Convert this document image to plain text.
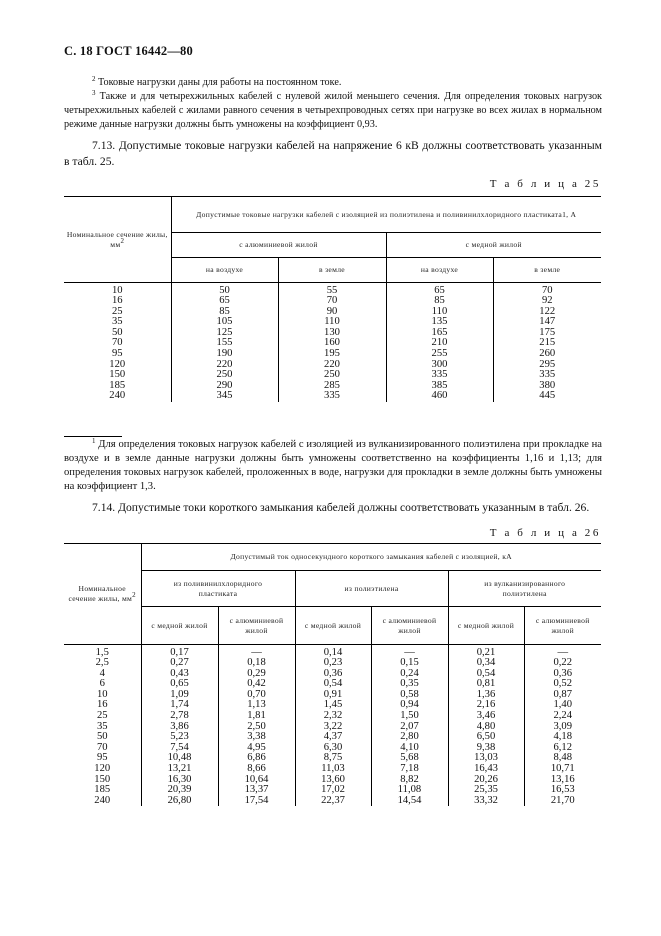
С. 18 ГОСТ 16442—80
$^2$ Токовые нагрузки даны для работы на постоянном токе.
$^3$ Также и для четырехжильных кабелей с нулевой жилой меньшего сечения. Для определения токовых нагрузок четырехжильных кабелей с жилами равного сечения в четырехпроводных сетях при нагрузке во всех жилах в нормальном режиме данные нагрузки должны быть умножены на коэффициент 0,93.
7.13. Допустимые токовые нагрузки кабелей на напряжение 6 кВ должны соответствовать указанным в табл. 25.
Т а б л и ц а 25
Номинальное сечение жилы, мм2	Допустимые токовые нагрузки кабелей с изоляцией из полиэтилена и поливинилхлоридного пластиката1, А			
	с алюминиевой жилой		с медной жилой	
	на воздухе	в земле	на воздухе	в земле

10	50	55	65	70
16	65	70	85	92
25	85	90	110	122
35	105	110	135	147
50	125	130	165	175
70	155	160	210	215
95	190	195	255	260
120	220	220	300	295
150	250	250	335	335
185	290	285	385	380
240	345	335	460	445
$^1$ Для определения токовых нагрузок кабелей с изоляцией из вулканизированного полиэтилена при прокладке на воздухе и в земле данные нагрузки должны быть умножены соответственно на коэффициенты 1,16 и 1,13; для определения токовых нагрузок кабелей, проложенных в воде, нагрузки для прокладки в земле должны быть умножены на коэффициент 1,3.
7.14. Допустимые токи короткого замыкания кабелей должны соответствовать указанным в табл. 26.
Т а б л и ц а 26
Номинальное сечение жилы, мм2	Допустимый ток односекундного короткого замыкания кабелей с изоляцией, кА					
	из поливинилхлоридного пластиката		из полиэтилена		из вулканизированного полиэтилена	
	с медной жилой	с алюминиевой жилой	с медной жилой	с алюминиевой жилой	с медной жилой	с алюминиевой жилой

1,5	0,17	—	0,14	—	0,21	—
2,5	0,27	0,18	0,23	0,15	0,34	0,22
4	0,43	0,29	0,36	0,24	0,54	0,36
6	0,65	0,42	0,54	0,35	0,81	0,52
10	1,09	0,70	0,91	0,58	1,36	0,87
16	1,74	1,13	1,45	0,94	2,16	1,40
25	2,78	1,81	2,32	1,50	3,46	2,24
35	3,86	2,50	3,22	2,07	4,80	3,09
50	5,23	3,38	4,37	2,80	6,50	4,18
70	7,54	4,95	6,30	4,10	9,38	6,12
95	10,48	6,86	8,75	5,68	13,03	8,48
120	13,21	8,66	11,03	7,18	16,43	10,71
150	16,30	10,64	13,60	8,82	20,26	13,16
185	20,39	13,37	17,02	11,08	25,35	16,53
240	26,80	17,54	22,37	14,54	33,32	21,70
